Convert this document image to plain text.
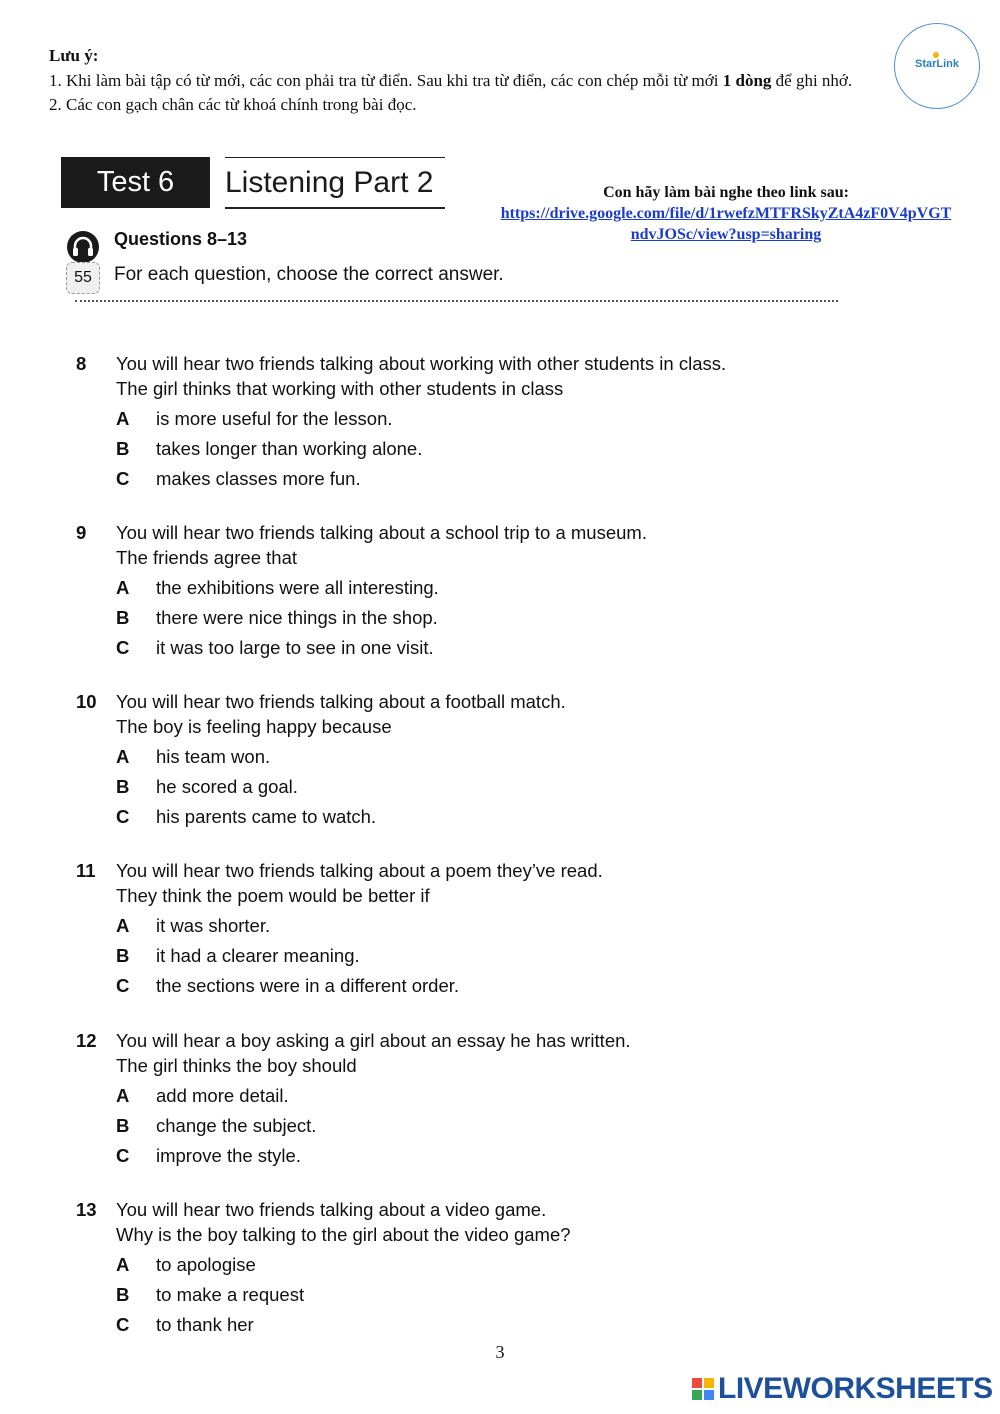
Lưu ý:

1. Khi làm bài tập có từ mới, các con phải tra từ điển. Sau khi tra từ điển, các con chép mỗi từ mới 1 dòng để ghi nhớ.

2. Các con gạch chân các từ khoá chính trong bài đọc.

StarLink
Test 6	Listening Part 2	Con hãy làm bài nghe theo link sau:
https://drive.google.com/file/d/1rwefzMTFRSkyZtA4zF0V4pVGTndvJOSc/view?usp=sharing
55
Questions 8–13
For each question, choose the correct answer.
8 You will hear two friends talking about working with other students in class.
The girl thinks that working with other students in class
A is more useful for the lesson.
B takes longer than working alone.
C makes classes more fun.
9 You will hear two friends talking about a school trip to a museum.
The friends agree that
A the exhibitions were all interesting.
B there were nice things in the shop.
C it was too large to see in one visit.
10 You will hear two friends talking about a football match.
The boy is feeling happy because
A his team won.
B he scored a goal.
C his parents came to watch.
11 You will hear two friends talking about a poem they’ve read.
They think the poem would be better if
A it was shorter.
B it had a clearer meaning.
C the sections were in a different order.
12 You will hear a boy asking a girl about an essay he has written.
The girl thinks the boy should
A add more detail.
B change the subject.
C improve the style.
13 You will hear two friends talking about a video game.
Why is the boy talking to the girl about the video game?
A to apologise
B to make a request
C to thank her
3
LIVEWORKSHEETS
